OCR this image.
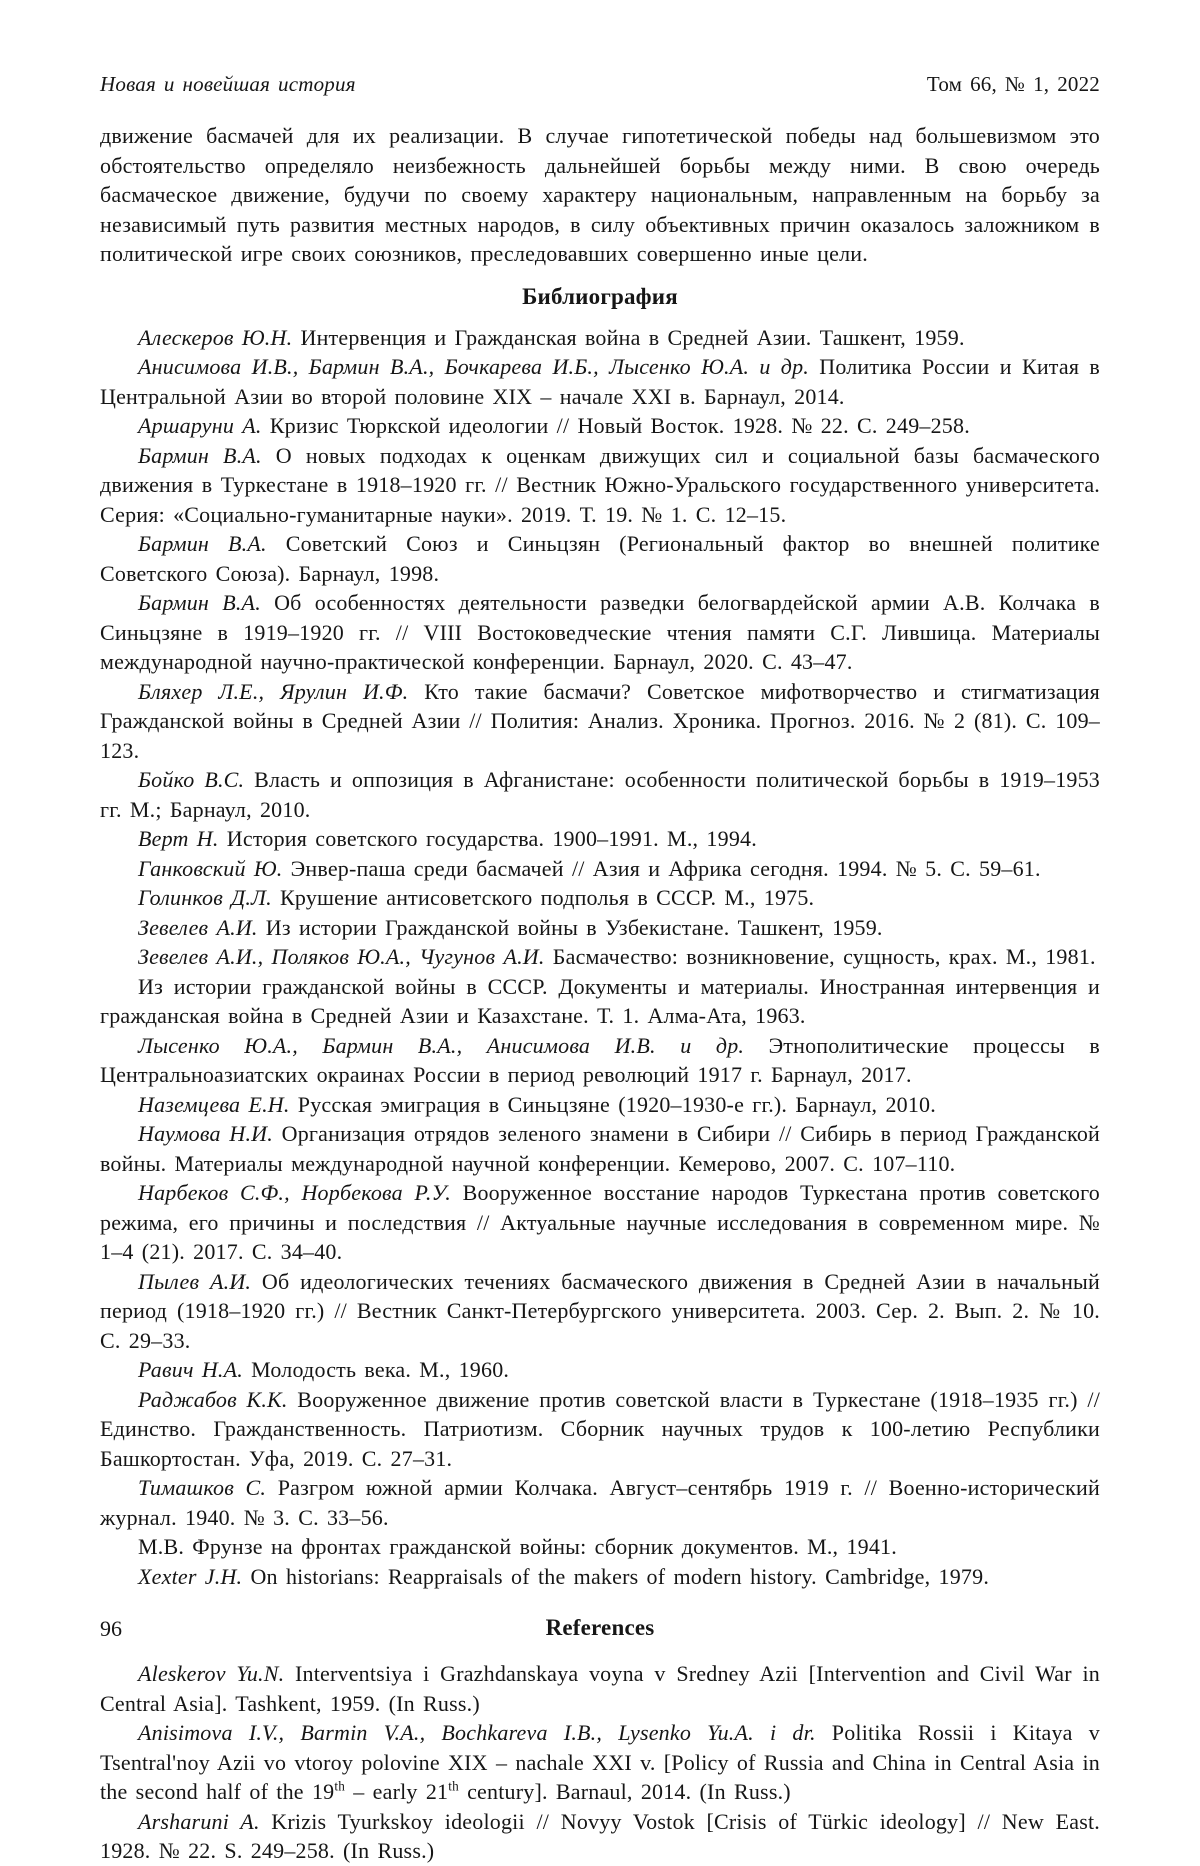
Новая и новейшая история	Том 66, № 1, 2022

движение басмачей для их реализации. В случае гипотетической победы над большевизмом это обстоятельство определяло неизбежность дальнейшей борьбы между ними. В свою очередь басмаческое движение, будучи по своему характеру национальным, направленным на борьбу за независимый путь развития местных народов, в силу объективных причин оказалось заложником в политической игре своих союзников, преследовавших совершенно иные цели.

Библиография

Алескеров Ю.Н. Интервенция и Гражданская война в Средней Азии. Ташкент, 1959.

Анисимова И.В., Бармин В.А., Бочкарева И.Б., Лысенко Ю.А. и др. Политика России и Китая в Центральной Азии во второй половине XIX – начале XXI в. Барнаул, 2014.

Аршаруни А. Кризис Тюркской идеологии // Новый Восток. 1928. № 22. С. 249–258.

Бармин В.А. О новых подходах к оценкам движущих сил и социальной базы басмаческого движения в Туркестане в 1918–1920 гг. // Вестник Южно-Уральского государственного университета. Серия: «Социально-гуманитарные науки». 2019. Т. 19. № 1. С. 12–15.

Бармин В.А. Советский Союз и Синьцзян (Региональный фактор во внешней политике Советского Союза). Барнаул, 1998.

Бармин В.А. Об особенностях деятельности разведки белогвардейской армии А.В. Колчака в Синьцзяне в 1919–1920 гг. // VIII Востоковедческие чтения памяти С.Г. Лившица. Материалы международной научно-практической конференции. Барнаул, 2020. С. 43–47.

Бляхер Л.Е., Ярулин И.Ф. Кто такие басмачи? Советское мифотворчество и стигматизация Гражданской войны в Средней Азии // Полития: Анализ. Хроника. Прогноз. 2016. № 2 (81). С. 109–123.

Бойко В.С. Власть и оппозиция в Афганистане: особенности политической борьбы в 1919–1953 гг. М.; Барнаул, 2010.

Верт Н. История советского государства. 1900–1991. М., 1994.

Ганковский Ю. Энвер-паша среди басмачей // Азия и Африка сегодня. 1994. № 5. С. 59–61.

Голинков Д.Л. Крушение антисоветского подполья в СССР. М., 1975.

Зевелев А.И. Из истории Гражданской войны в Узбекистане. Ташкент, 1959.

Зевелев А.И., Поляков Ю.А., Чугунов А.И. Басмачество: возникновение, сущность, крах. М., 1981.

Из истории гражданской войны в СССР. Документы и материалы. Иностранная интервенция и гражданская война в Средней Азии и Казахстане. Т. 1. Алма-Ата, 1963.

Лысенко Ю.А., Бармин В.А., Анисимова И.В. и др. Этнополитические процессы в Центральноазиатских окраинах России в период революций 1917 г. Барнаул, 2017.

Наземцева Е.Н. Русская эмиграция в Синьцзяне (1920–1930-е гг.). Барнаул, 2010.

Наумова Н.И. Организация отрядов зеленого знамени в Сибири // Сибирь в период Гражданской войны. Материалы международной научной конференции. Кемерово, 2007. С. 107–110.

Нарбеков С.Ф., Норбекова Р.У. Вооруженное восстание народов Туркестана против советского режима, его причины и последствия // Актуальные научные исследования в современном мире. № 1–4 (21). 2017. С. 34–40.

Пылев А.И. Об идеологических течениях басмаческого движения в Средней Азии в начальный период (1918–1920 гг.) // Вестник Санкт-Петербургского университета. 2003. Сер. 2. Вып. 2. № 10. С. 29–33.

Равич Н.А. Молодость века. М., 1960.

Раджабов К.К. Вооруженное движение против советской власти в Туркестане (1918–1935 гг.) // Единство. Гражданственность. Патриотизм. Сборник научных трудов к 100-летию Республики Башкортостан. Уфа, 2019. С. 27–31.

Тимашков С. Разгром южной армии Колчака. Август–сентябрь 1919 г. // Военно-исторический журнал. 1940. № 3. С. 33–56.

М.В. Фрунзе на фронтах гражданской войны: сборник документов. М., 1941.

Xexter J.H. On historians: Reappraisals of the makers of modern history. Cambridge, 1979.

References

Aleskerov Yu.N. Interventsiya i Grazhdanskaya voyna v Sredney Azii [Intervention and Civil War in Central Asia]. Tashkent, 1959. (In Russ.)

Anisimova I.V., Barmin V.A., Bochkareva I.B., Lysenko Yu.A. i dr. Politika Rossii i Kitaya v Tsentral'noy Azii vo vtoroy polovine XIX – nachale XXI v. [Policy of Russia and China in Central Asia in the second half of the 19th – early 21th century]. Barnaul, 2014. (In Russ.)

Arsharuni A. Krizis Tyurkskoy ideologii // Novyy Vostok [Crisis of Türkic ideology] // New East. 1928. № 22. S. 249–258. (In Russ.)

96
